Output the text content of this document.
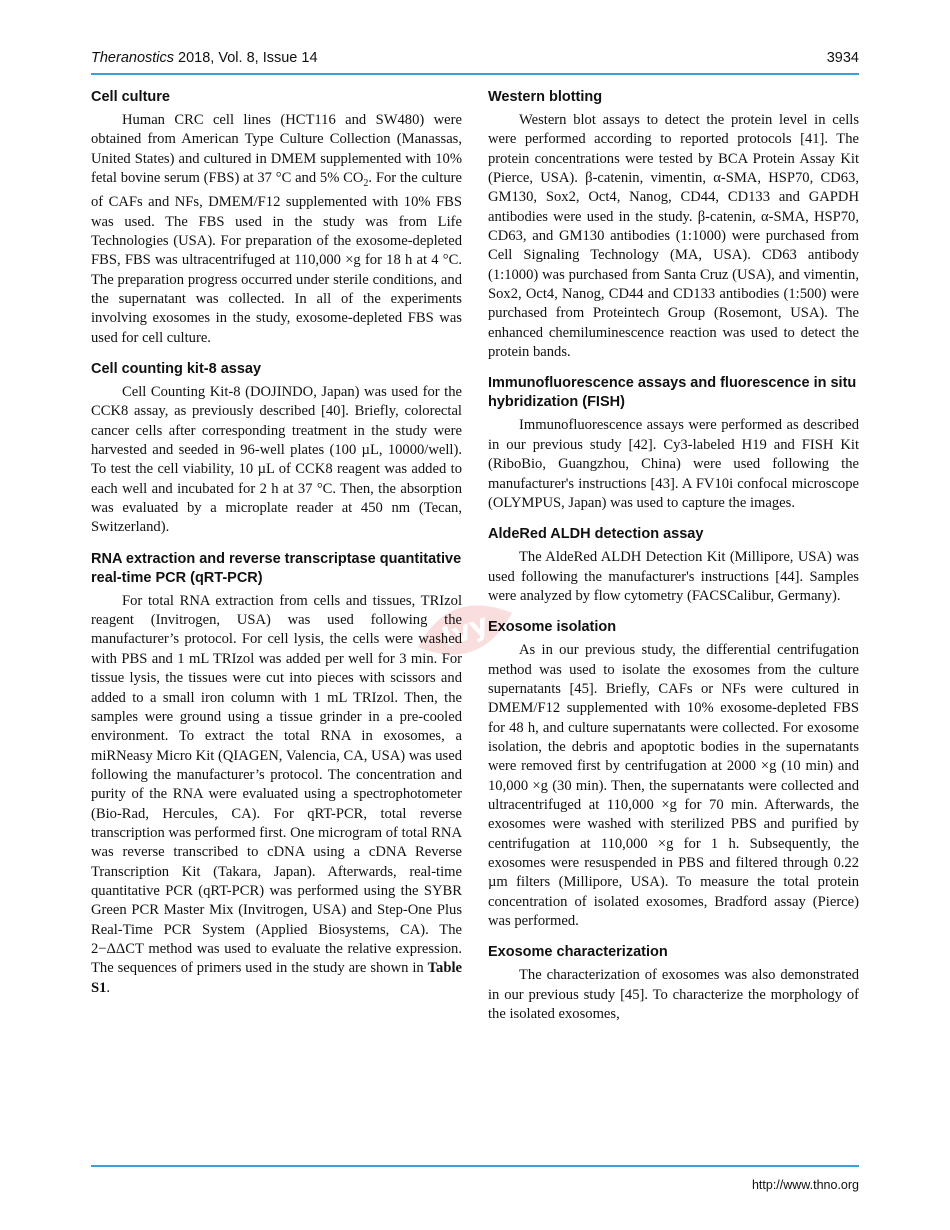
Theranostics 2018, Vol. 8, Issue 14	3934
Ivy
Cell culture

Human CRC cell lines (HCT116 and SW480) were obtained from American Type Culture Collection (Manassas, United States) and cultured in DMEM supplemented with 10% fetal bovine serum (FBS) at 37 °C and 5% $CO_2$. For the culture of CAFs and NFs, DMEM/F12 supplemented with 10% FBS was used. The FBS used in the study was from Life Technologies (USA). For preparation of the exosome-depleted FBS, FBS was ultracentrifuged at 110,000 ×g for 18 h at 4 °C. The preparation progress occurred under sterile conditions, and the supernatant was collected. In all of the experiments involving exosomes in the study, exosome-depleted FBS was used for cell culture.

Cell counting kit-8 assay

Cell Counting Kit-8 (DOJINDO, Japan) was used for the CCK8 assay, as previously described [40]. Briefly, colorectal cancer cells after corresponding treatment in the study were harvested and seeded in 96-well plates (100 µL, 10000/well). To test the cell viability, 10 µL of CCK8 reagent was added to each well and incubated for 2 h at 37 °C. Then, the absorption was evaluated by a microplate reader at 450 nm (Tecan, Switzerland).

RNA extraction and reverse transcriptase quantitative real-time PCR (qRT-PCR)

For total RNA extraction from cells and tissues, TRIzol reagent (Invitrogen, USA) was used following the manufacturer’s protocol. For cell lysis, the cells were washed with PBS and 1 mL TRIzol was added per well for 3 min. For tissue lysis, the tissues were cut into pieces with scissors and added to a small iron column with 1 mL TRIzol. Then, the samples were ground using a tissue grinder in a pre-cooled environment. To extract the total RNA in exosomes, a miRNeasy Micro Kit (QIAGEN, Valencia, CA, USA) was used following the manufacturer’s protocol. The concentration and purity of the RNA were evaluated using a spectrophotometer (Bio-Rad, Hercules, CA). For qRT-PCR, total reverse transcription was performed first. One microgram of total RNA was reverse transcribed to cDNA using a cDNA Reverse Transcription Kit (Takara, Japan). Afterwards, real-time quantitative PCR (qRT-PCR) was performed using the SYBR Green PCR Master Mix (Invitrogen, USA) and Step-One Plus Real-Time PCR System (Applied Biosystems, CA). The 2−ΔΔCT method was used to evaluate the relative expression. The sequences of primers used in the study are shown in Table S1.

Western blotting

Western blot assays to detect the protein level in cells were performed according to reported protocols [41]. The protein concentrations were tested by BCA Protein Assay Kit (Pierce, USA). β-catenin, vimentin, α-SMA, HSP70, CD63, GM130, Sox2, Oct4, Nanog, CD44, CD133 and GAPDH antibodies were used in the study. β-catenin, α-SMA, HSP70, CD63, and GM130 antibodies (1:1000) were purchased from Cell Signaling Technology (MA, USA). CD63 antibody (1:1000) was purchased from Santa Cruz (USA), and vimentin, Sox2, Oct4, Nanog, CD44 and CD133 antibodies (1:500) were purchased from Proteintech Group (Rosemont, USA). The enhanced chemiluminescence reaction was used to detect the protein bands.

Immunofluorescence assays and fluorescence in situ hybridization (FISH)

Immunofluorescence assays were performed as described in our previous study [42]. Cy3-labeled H19 and FISH Kit (RiboBio, Guangzhou, China) were used following the manufacturer's instructions [43]. A FV10i confocal microscope (OLYMPUS, Japan) was used to capture the images.

AldeRed ALDH detection assay

The AldeRed ALDH Detection Kit (Millipore, USA) was used following the manufacturer's instructions [44]. Samples were analyzed by flow cytometry (FACSCalibur, Germany).

Exosome isolation

As in our previous study, the differential centrifugation method was used to isolate the exosomes from the culture supernatants [45]. Briefly, CAFs or NFs were cultured in DMEM/F12 supplemented with 10% exosome-depleted FBS for 48 h, and culture supernatants were collected. For exosome isolation, the debris and apoptotic bodies in the supernatants were removed first by centrifugation at 2000 ×g (10 min) and 10,000 ×g (30 min). Then, the supernatants were collected and ultracentrifuged at 110,000 ×g for 70 min. Afterwards, the exosomes were washed with sterilized PBS and purified by centrifugation at 110,000 ×g for 1 h. Subsequently, the exosomes were resuspended in PBS and filtered through 0.22 µm filters (Millipore, USA). To measure the total protein concentration of isolated exosomes, Bradford assay (Pierce) was performed.

Exosome characterization

The characterization of exosomes was also demonstrated in our previous study [45]. To characterize the morphology of the isolated exosomes,

http://www.thno.org
